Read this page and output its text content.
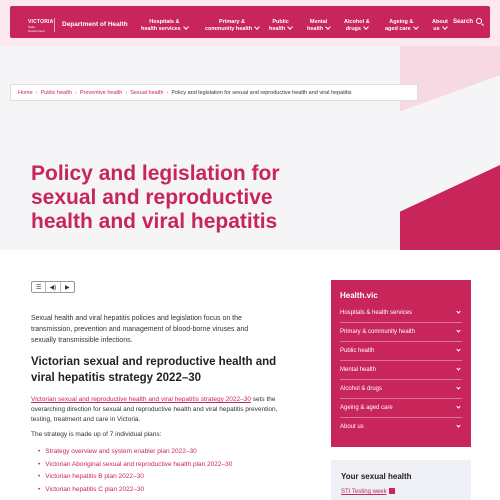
VICTORIA
State Government
Department of Health	Hospitals &
health services
Primary &
community health
Public
health
Mental
health
Alcohol &
drugs
Ageing &
aged care
About
us
Search
Home › Public health › Preventive health › Sexual health › Policy and legislation for sexual and reproductive health and viral hepatitis
Policy and legislation for sexual and reproductive health and viral hepatitis
☰	◀)	▶

Sexual health and viral hepatitis policies and legislation focus on the transmission, prevention and management of blood-borne viruses and sexually transmissible infections.

Victorian sexual and reproductive health and viral hepatitis strategy 2022–30

Victorian sexual and reproductive health and viral hepatitis strategy 2022–30 sets the overarching direction for sexual and reproductive health and viral hepatitis prevention, testing, treatment and care in Victoria.

The strategy is made up of 7 individual plans:

• Strategy overview and system enabler plan 2022–30
• Victorian Aboriginal sexual and reproductive health plan 2022–30
• Victorian hepatitis B plan 2022–30
• Victorian hepatitis C plan 2022–30
Health.vic
Hospitals & health services
Primary & community health
Public health
Mental health
Alcohol & drugs
Ageing & aged care
About us
Your sexual health
STI Testing week
